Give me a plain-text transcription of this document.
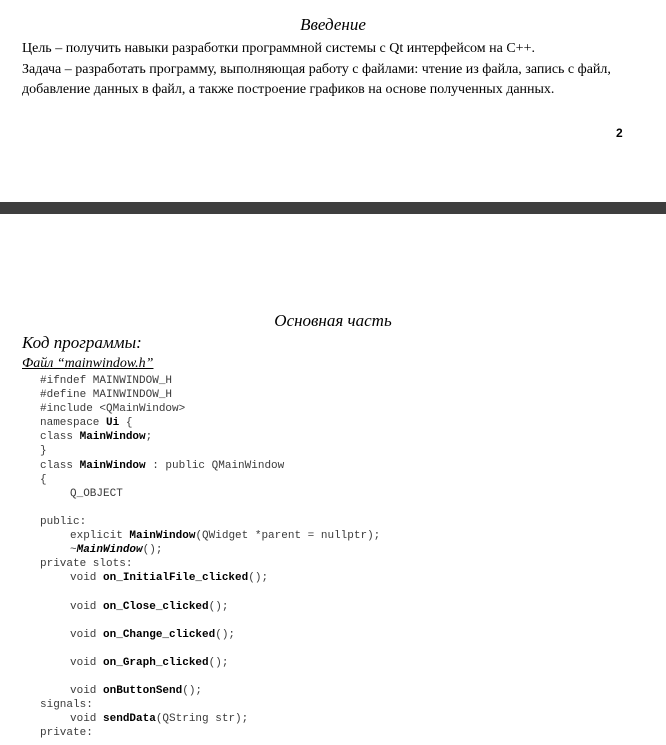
Введение
Цель – получить навыки разработки программной системы с Qt интерфейсом на С++.
Задача – разработать программу, выполняющая работу с файлами: чтение из файла, запись с файл, добавление данных в файл, а также построение графиков на основе полученных данных.
2
Основная часть
Код программы:
Файл “mainwindow.h”
#ifndef MAINWINDOW_H
#define MAINWINDOW_H
#include <QMainWindow>
namespace Ui {
class MainWindow;
}
class MainWindow : public QMainWindow
{
Q_OBJECT
public:
explicit MainWindow(QWidget *parent = nullptr);
~MainWindow();
private slots:
void on_InitialFile_clicked();
void on_Close_clicked();
void on_Change_clicked();
void on_Graph_clicked();
void onButtonSend();
signals:
void sendData(QString str);
private:
